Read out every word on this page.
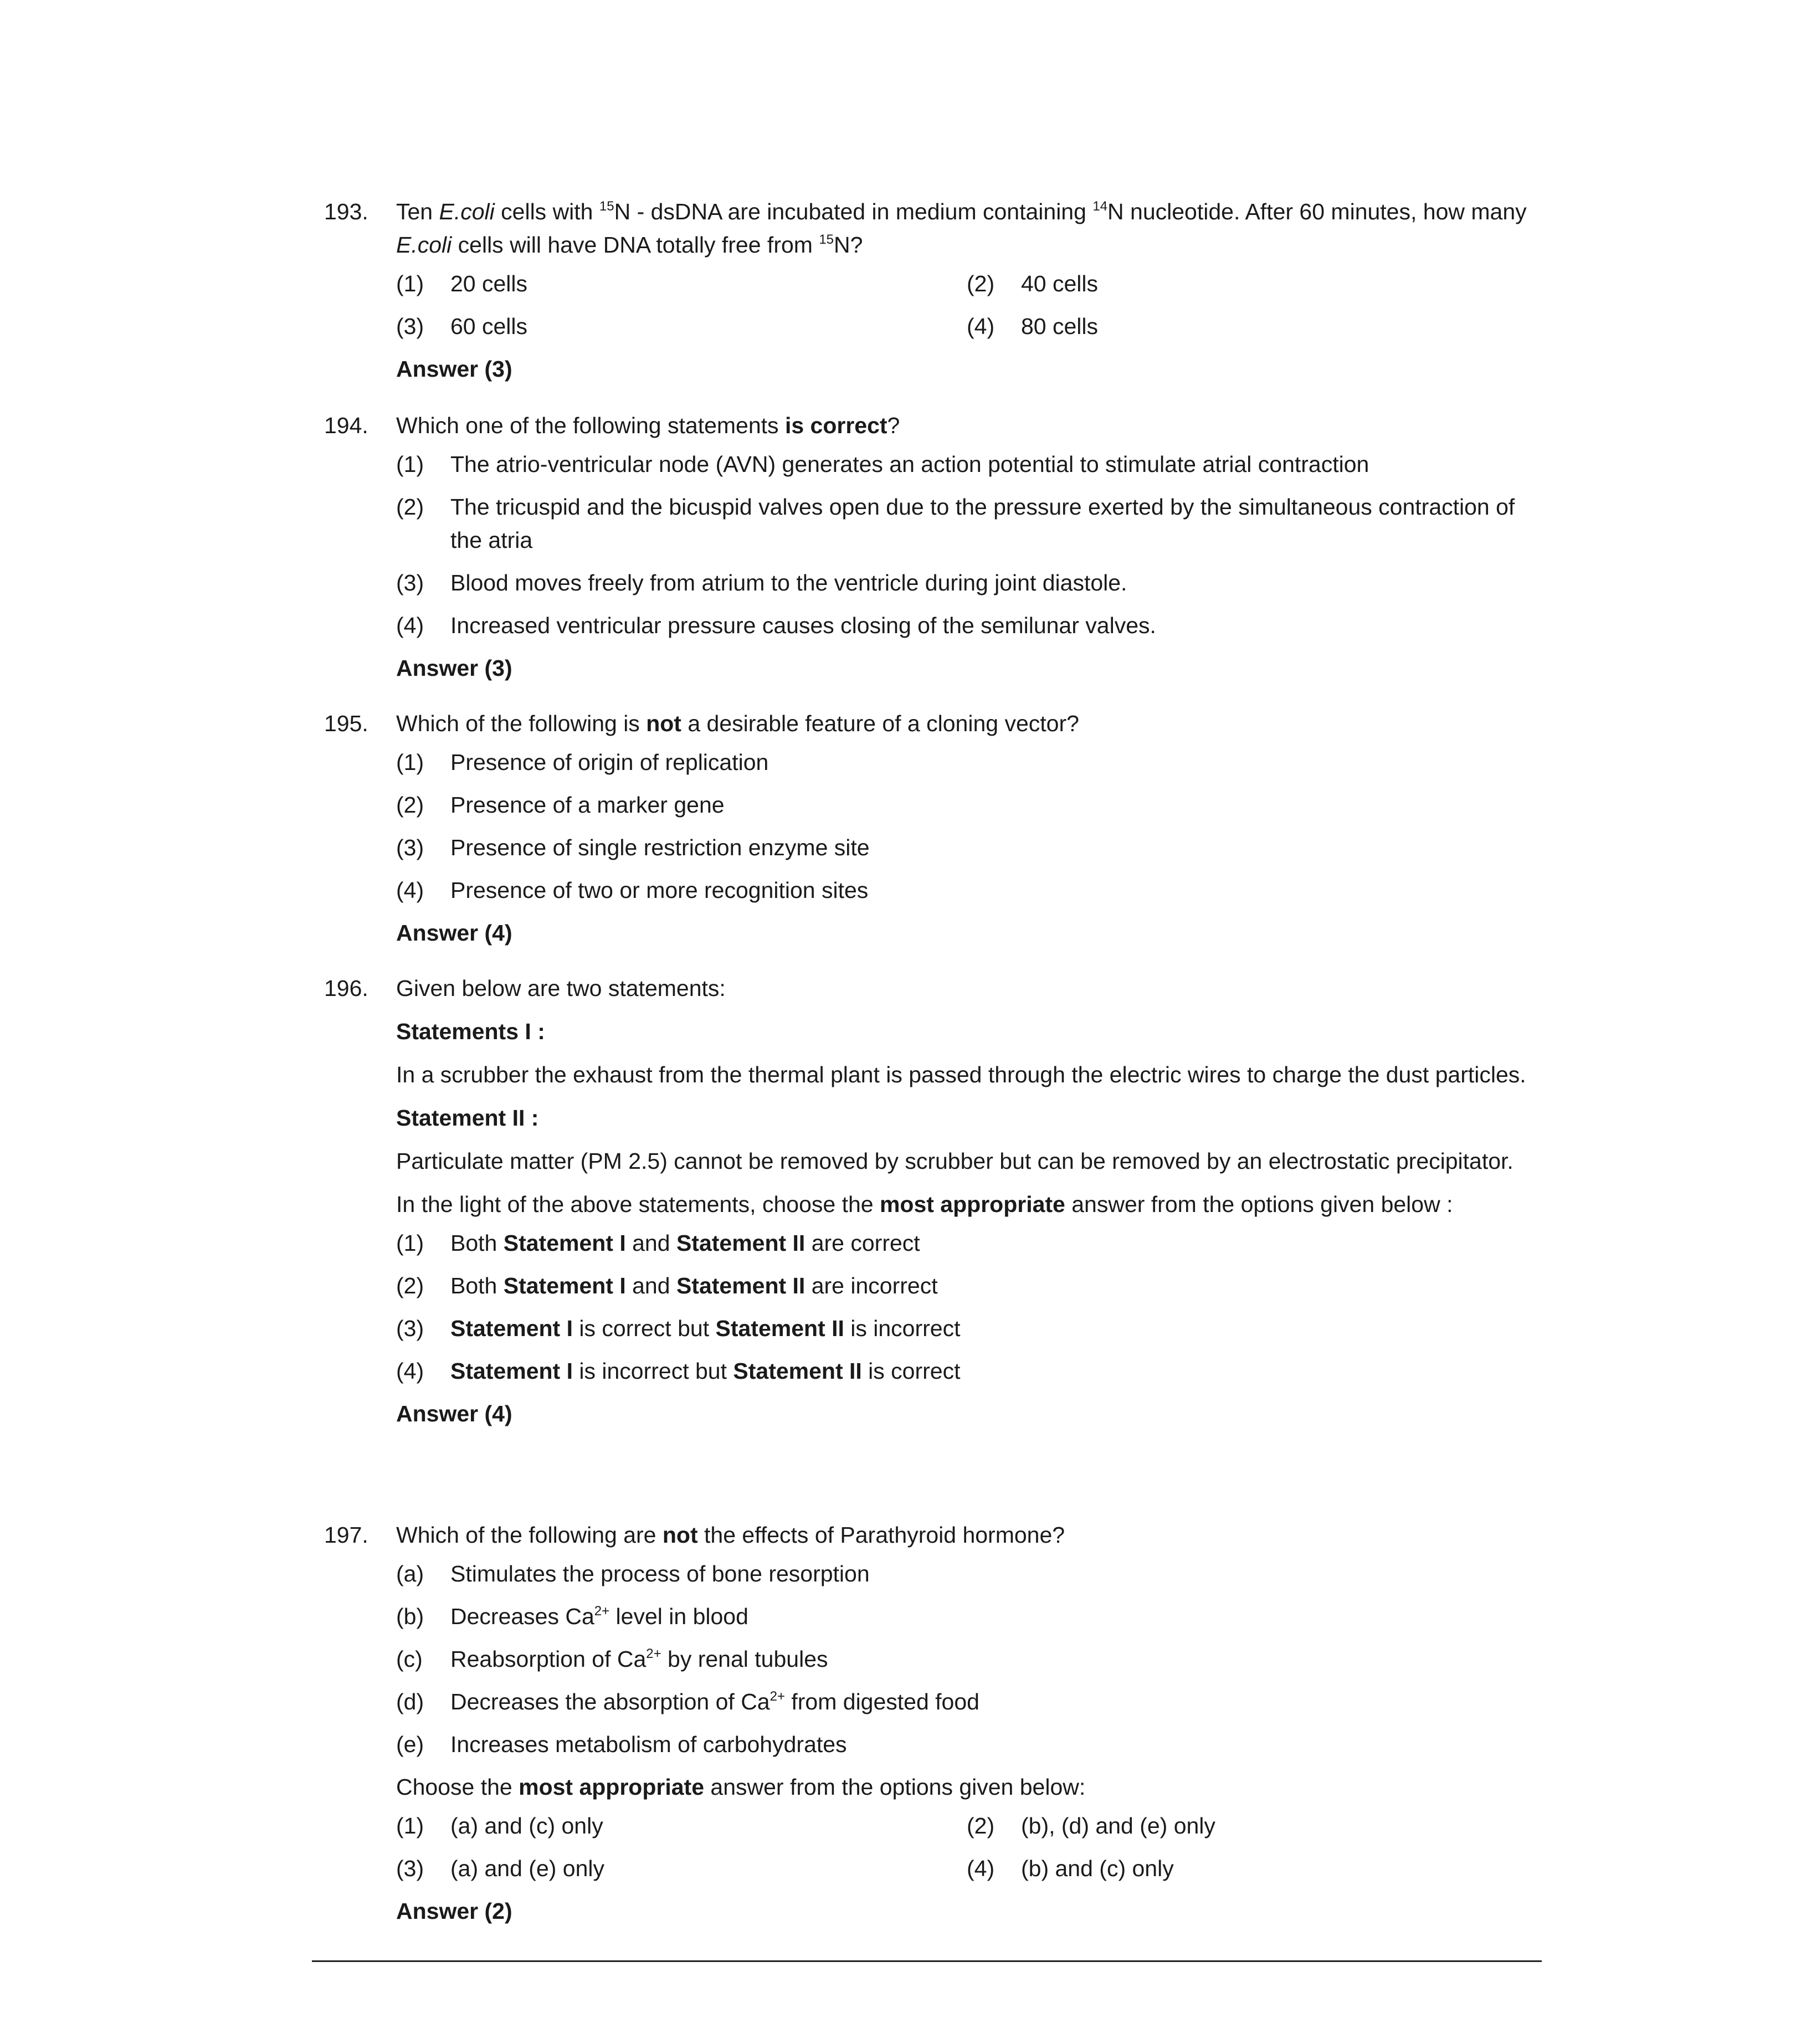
193.	Ten E.coli cells with $^{15}$N - dsDNA are incubated in medium containing $^{14}$N nucleotide. After 60 minutes, how many E.coli cells will have DNA totally free from $^{15}$N?

(1)	20 cells	(2)	40 cells
(3)	60 cells	(4)	80 cells
Answer (3)
194.	Which one of the following statements is correct?

(1)	The atrio-ventricular node (AVN) generates an action potential to stimulate atrial contraction
(2)	The tricuspid and the bicuspid valves open due to the pressure exerted by the simultaneous contraction of the atria
(3)	Blood moves freely from atrium to the ventricle during joint diastole.
(4)	Increased ventricular pressure causes closing of the semilunar valves.
Answer (3)
195.	Which of the following is not a desirable feature of a cloning vector?

(1)	Presence of origin of replication
(2)	Presence of a marker gene
(3)	Presence of single restriction enzyme site
(4)	Presence of two or more recognition sites
Answer (4)
196.	Given below are two statements:

Statements I :
In a scrubber the exhaust from the thermal plant is passed through the electric wires to charge the dust particles.
Statement II :
Particulate matter (PM 2.5) cannot be removed by scrubber but can be removed by an electrostatic precipitator.
In the light of the above statements, choose the most appropriate answer from the options given below :
(1)	Both Statement I and Statement II are correct
(2)	Both Statement I and Statement II are incorrect
(3)	Statement I is correct but Statement II is incorrect
(4)	Statement I is incorrect but Statement II is correct
Answer (4)
197.	Which of the following are not the effects of Parathyroid hormone?

(a)	Stimulates the process of bone resorption
(b)	Decreases $Ca^{2+}$ level in blood
(c)	Reabsorption of $Ca^{2+}$ by renal tubules
(d)	Decreases the absorption of $Ca^{2+}$ from digested food
(e)	Increases metabolism of carbohydrates
Choose the most appropriate answer from the options given below:
(1)	(a) and (c) only	(2)	(b), (d) and (e) only
(3)	(a) and (e) only	(4)	(b) and (c) only
Answer (2)
